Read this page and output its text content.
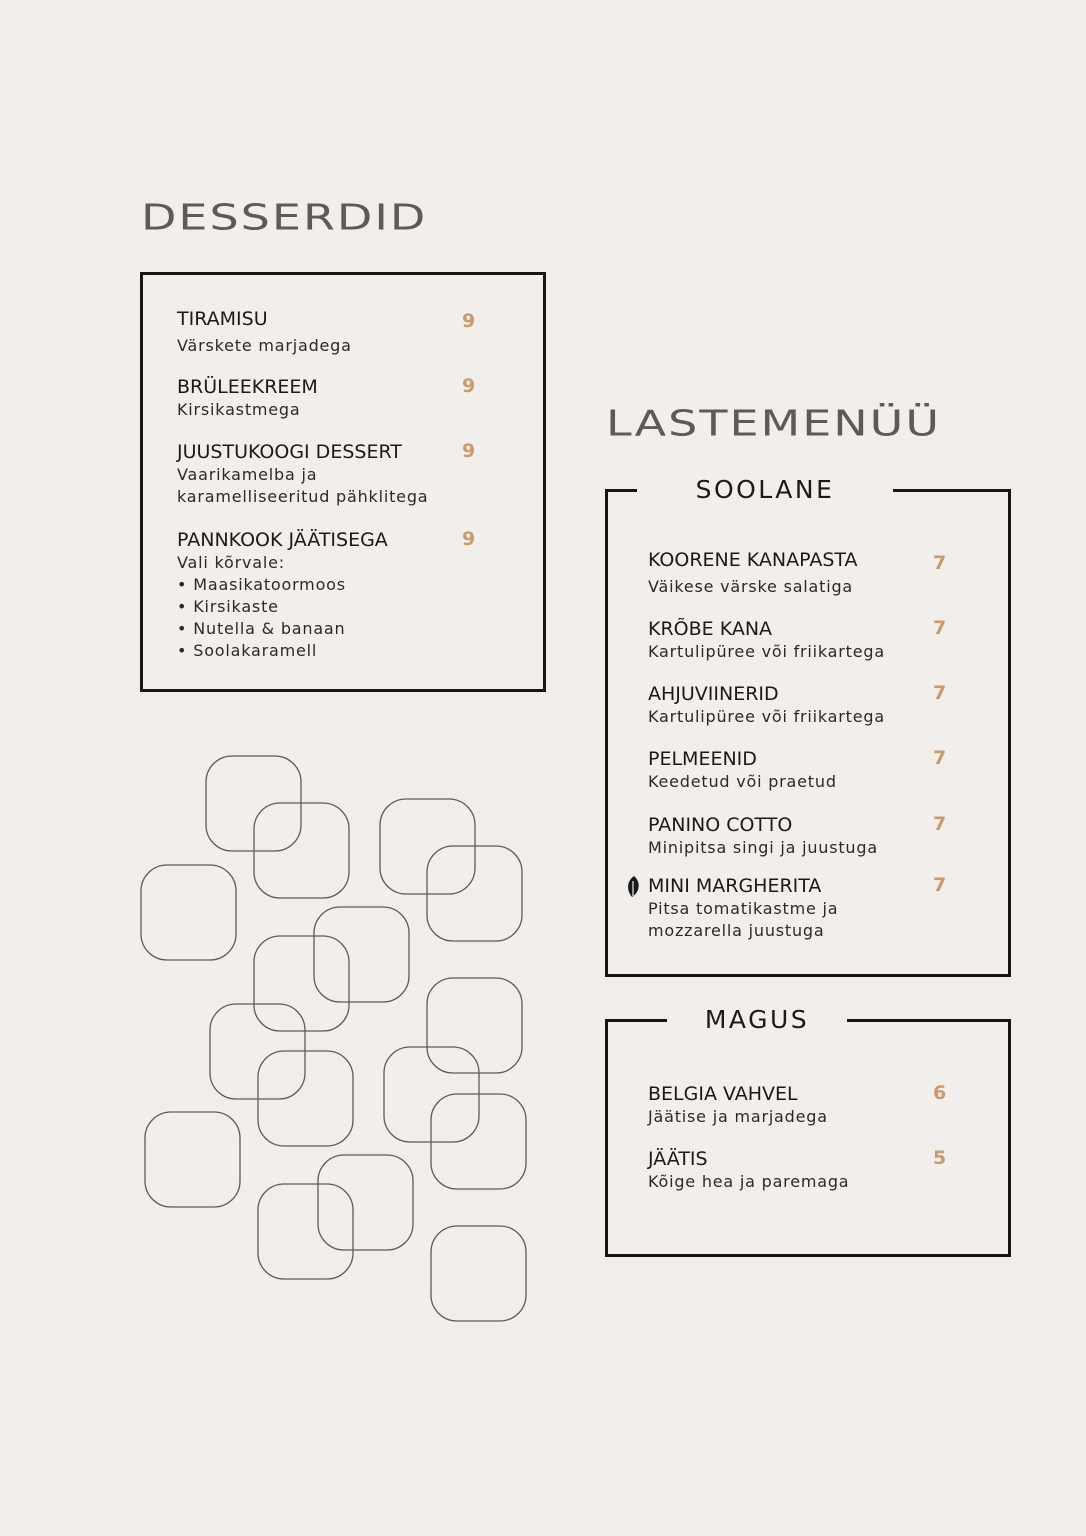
DESSERDID
LASTEMENÜÜ
SOOLANE
MAGUS
TIRAMISU
Värskete marjadega
9
BRÜLEEKREEM
Kirsikastmega
9
JUUSTUKOOGI DESSERT
Vaarikamelba ja
karamelliseeritud pähklitega
9
PANNKOOK JÄÄTISEGA
Vali kõrvale:
• Maasikatoormoos
• Kirsikaste
• Nutella & banaan
• Soolakaramell
9
KOORENE KANAPASTA
Väikese värske salatiga
7
KRÕBE KANA
Kartulipüree või friikartega
7
AHJUVIINERID
Kartulipüree või friikartega
7
PELMEENID
Keedetud või praetud
7
PANINO COTTO
Minipitsa singi ja juustuga
7
MINI MARGHERITA
Pitsa tomatikastme ja
mozzarella juustuga
7
BELGIA VAHVEL
Jäätise ja marjadega
6
JÄÄTIS
Kõige hea ja paremaga
5
